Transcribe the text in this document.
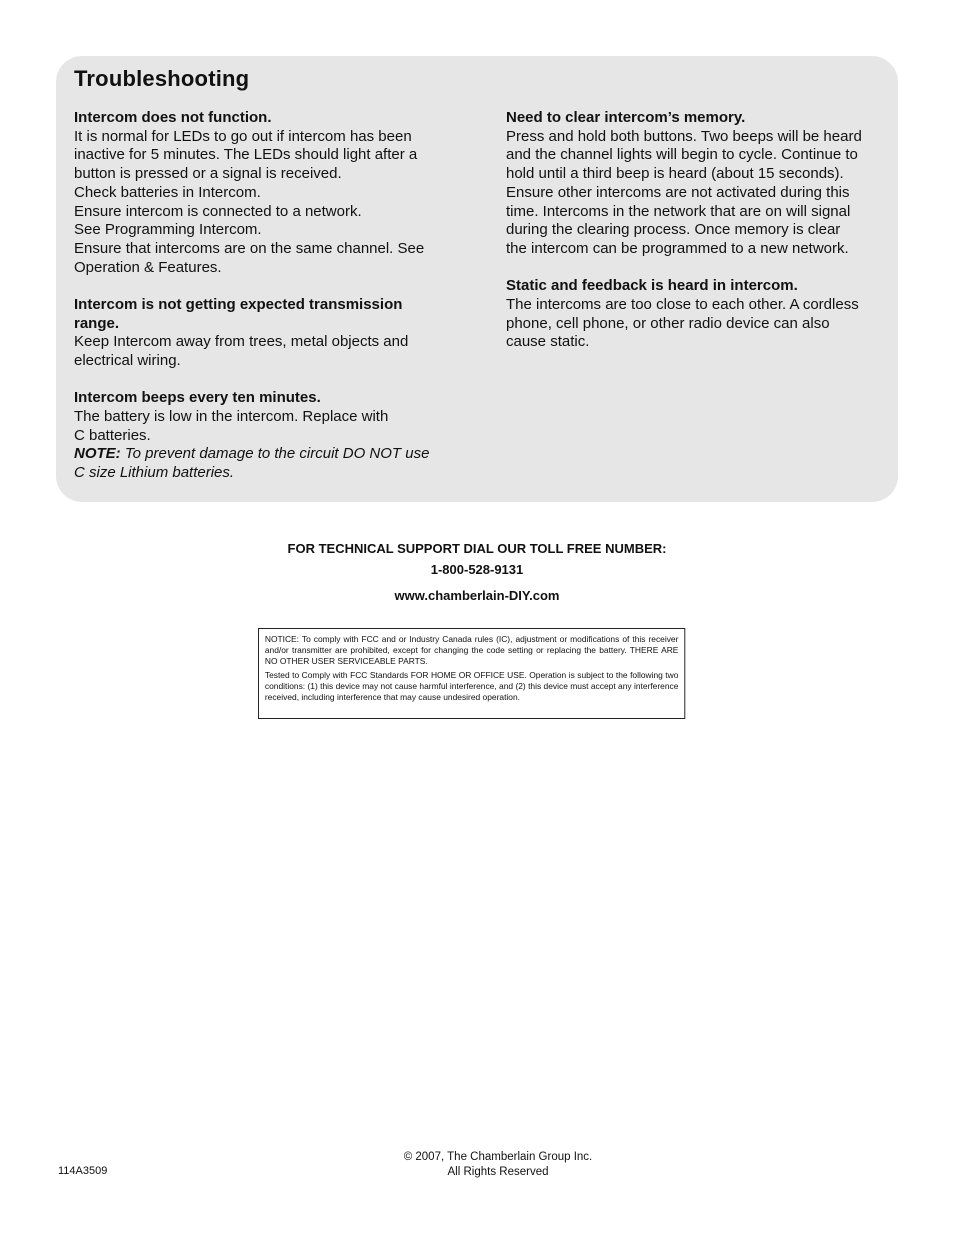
Troubleshooting
Intercom does not function.
It is normal for LEDs to go out if intercom has been
inactive for 5 minutes. The LEDs should light after a
button is pressed or a signal is received.
Check batteries in Intercom.
Ensure intercom is connected to a network.
See Programming Intercom.
Ensure that intercoms are on the same channel. See
Operation & Features.
Intercom is not getting expected transmission
range.
Keep Intercom away from trees, metal objects and
electrical wiring.
Intercom beeps every ten minutes.
The battery is low in the intercom. Replace with
C batteries.
NOTE: To prevent damage to the circuit DO NOT use
C size Lithium batteries.
Need to clear intercom’s memory.
Press and hold both buttons. Two beeps will be heard
and the channel lights will begin to cycle. Continue to
hold until a third beep is heard (about 15 seconds).
Ensure other intercoms are not activated during this
time. Intercoms in the network that are on will signal
during the clearing process. Once memory is clear
the intercom can be programmed to a new network.
Static and feedback is heard in intercom.
The intercoms are too close to each other. A cordless
phone, cell phone, or other radio device can also
cause static.
FOR TECHNICAL SUPPORT DIAL OUR TOLL FREE NUMBER:
1-800-528-9131
www.chamberlain-DIY.com

NOTICE: To comply with FCC and or Industry Canada rules (IC), adjustment or modifications of this receiver and/or transmitter are prohibited, except for changing the code setting or replacing the battery. THERE ARE NO OTHER USER SERVICEABLE PARTS.

Tested to Comply with FCC Standards FOR HOME OR OFFICE USE. Operation is subject to the following two conditions: (1) this device may not cause harmful interference, and (2) this device must accept any interference received, including interference that may cause undesired operation.

114A3509
© 2007, The Chamberlain Group Inc.
All Rights Reserved
